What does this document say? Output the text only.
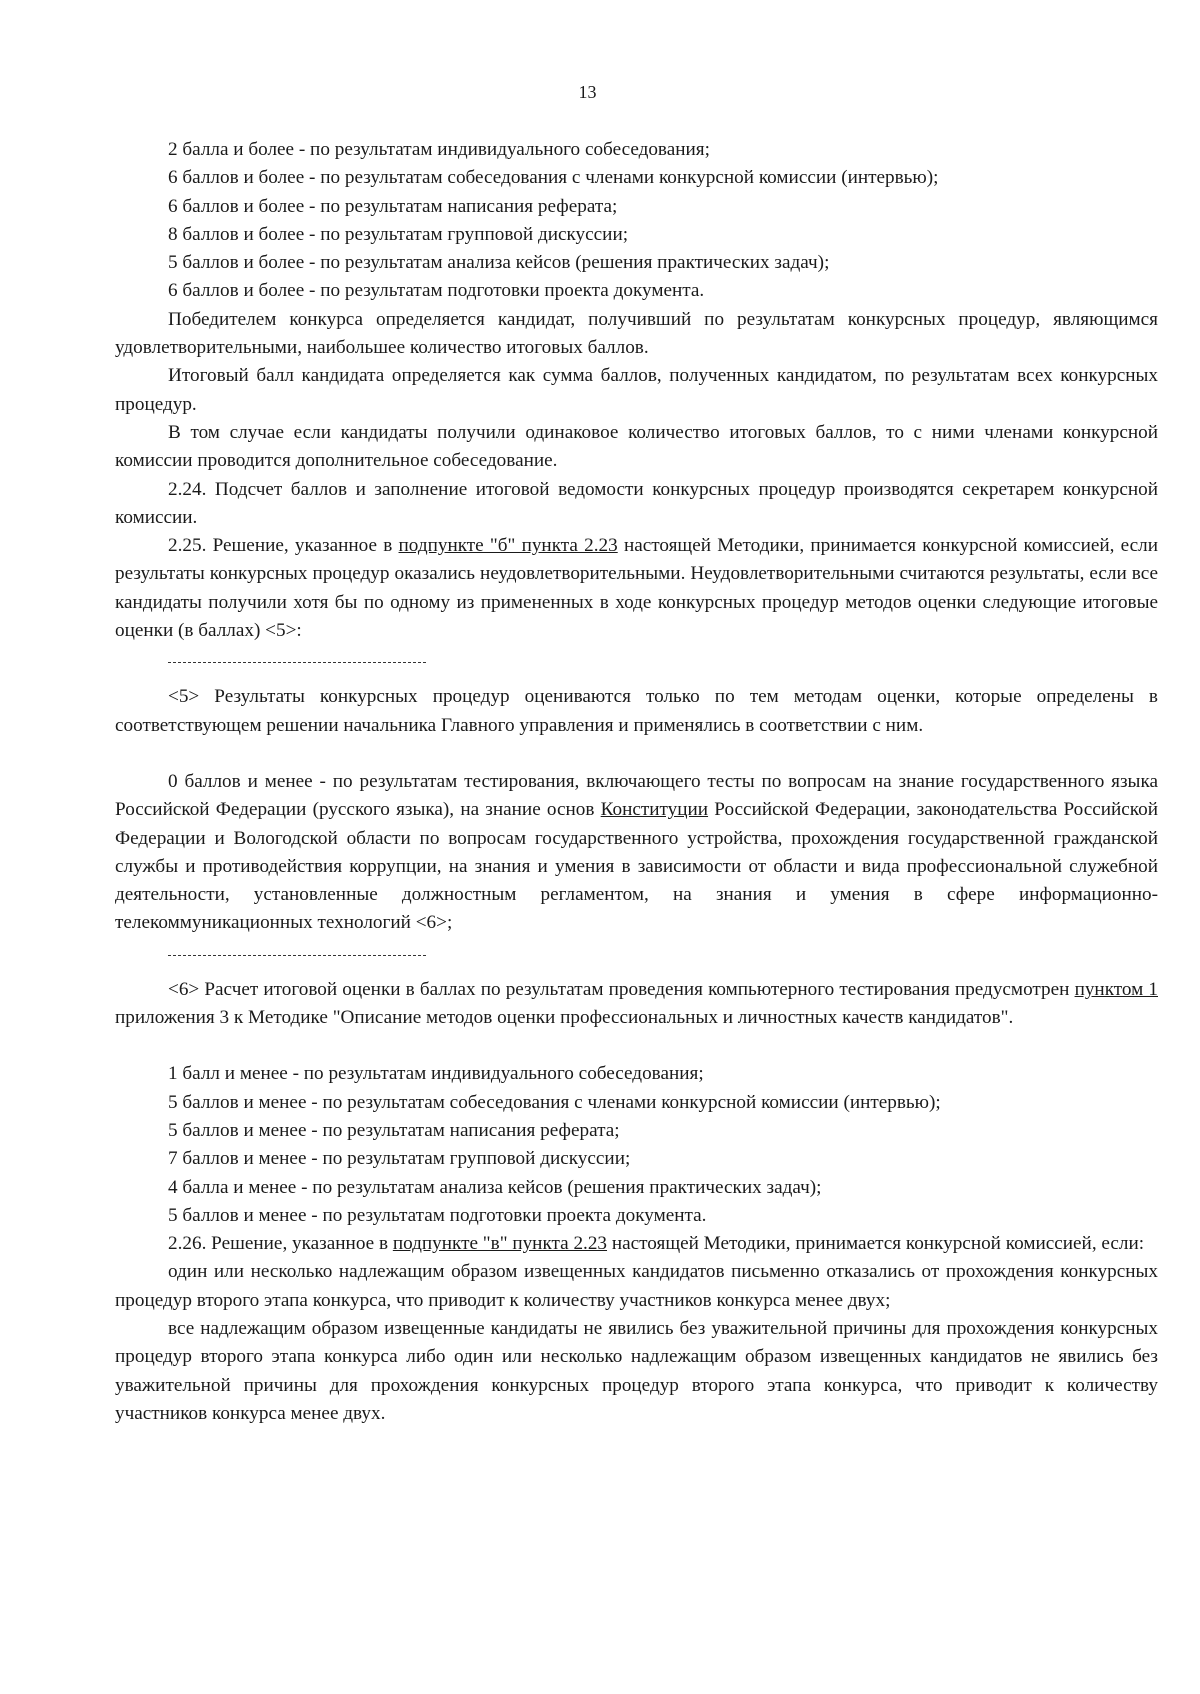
13

2 балла и более - по результатам индивидуального собеседования;

6 баллов и более - по результатам собеседования с членами конкурсной комиссии (интервью);

6 баллов и более - по результатам написания реферата;

8 баллов и более - по результатам групповой дискуссии;

5 баллов и более - по результатам анализа кейсов (решения практических задач);

6 баллов и более - по результатам подготовки проекта документа.

Победителем конкурса определяется кандидат, получивший по результатам конкурсных процедур, являющимся удовлетворительными, наибольшее количество итоговых баллов.

Итоговый балл кандидата определяется как сумма баллов, полученных кандидатом, по результатам всех конкурсных процедур.

В том случае если кандидаты получили одинаковое количество итоговых баллов, то с ними членами конкурсной комиссии проводится дополнительное собеседование.

2.24. Подсчет баллов и заполнение итоговой ведомости конкурсных процедур производятся секретарем конкурсной комиссии.

2.25. Решение, указанное в подпункте "б" пункта 2.23 настоящей Методики, принимается конкурсной комиссией, если результаты конкурсных процедур оказались неудовлетворительными. Неудовлетворительными считаются результаты, если все кандидаты получили хотя бы по одному из примененных в ходе конкурсных процедур методов оценки следующие итоговые оценки (в баллах) <5>:

<5> Результаты конкурсных процедур оцениваются только по тем методам оценки, которые определены в соответствующем решении начальника Главного управления и применялись в соответствии с ним.

0 баллов и менее - по результатам тестирования, включающего тесты по вопросам на знание государственного языка Российской Федерации (русского языка), на знание основ Конституции Российской Федерации, законодательства Российской Федерации и Вологодской области по вопросам государственного устройства, прохождения государственной гражданской службы и противодействия коррупции, на знания и умения в зависимости от области и вида профессиональной служебной деятельности, установленные должностным регламентом, на знания и умения в сфере информационно-телекоммуникационных технологий <6>;

<6> Расчет итоговой оценки в баллах по результатам проведения компьютерного тестирования предусмотрен пунктом 1 приложения 3 к Методике "Описание методов оценки профессиональных и личностных качеств кандидатов".

1 балл и менее - по результатам индивидуального собеседования;

5 баллов и менее - по результатам собеседования с членами конкурсной комиссии (интервью);

5 баллов и менее - по результатам написания реферата;

7 баллов и менее - по результатам групповой дискуссии;

4 балла и менее - по результатам анализа кейсов (решения практических задач);

5 баллов и менее - по результатам подготовки проекта документа.

2.26. Решение, указанное в подпункте "в" пункта 2.23 настоящей Методики, принимается конкурсной комиссией, если:

один или несколько надлежащим образом извещенных кандидатов письменно отказались от прохождения конкурсных процедур второго этапа конкурса, что приводит к количеству участников конкурса менее двух;

все надлежащим образом извещенные кандидаты не явились без уважительной причины для прохождения конкурсных процедур второго этапа конкурса либо один или несколько надлежащим образом извещенных кандидатов не явились без уважительной причины для прохождения конкурсных процедур второго этапа конкурса, что приводит к количеству участников конкурса менее двух.
